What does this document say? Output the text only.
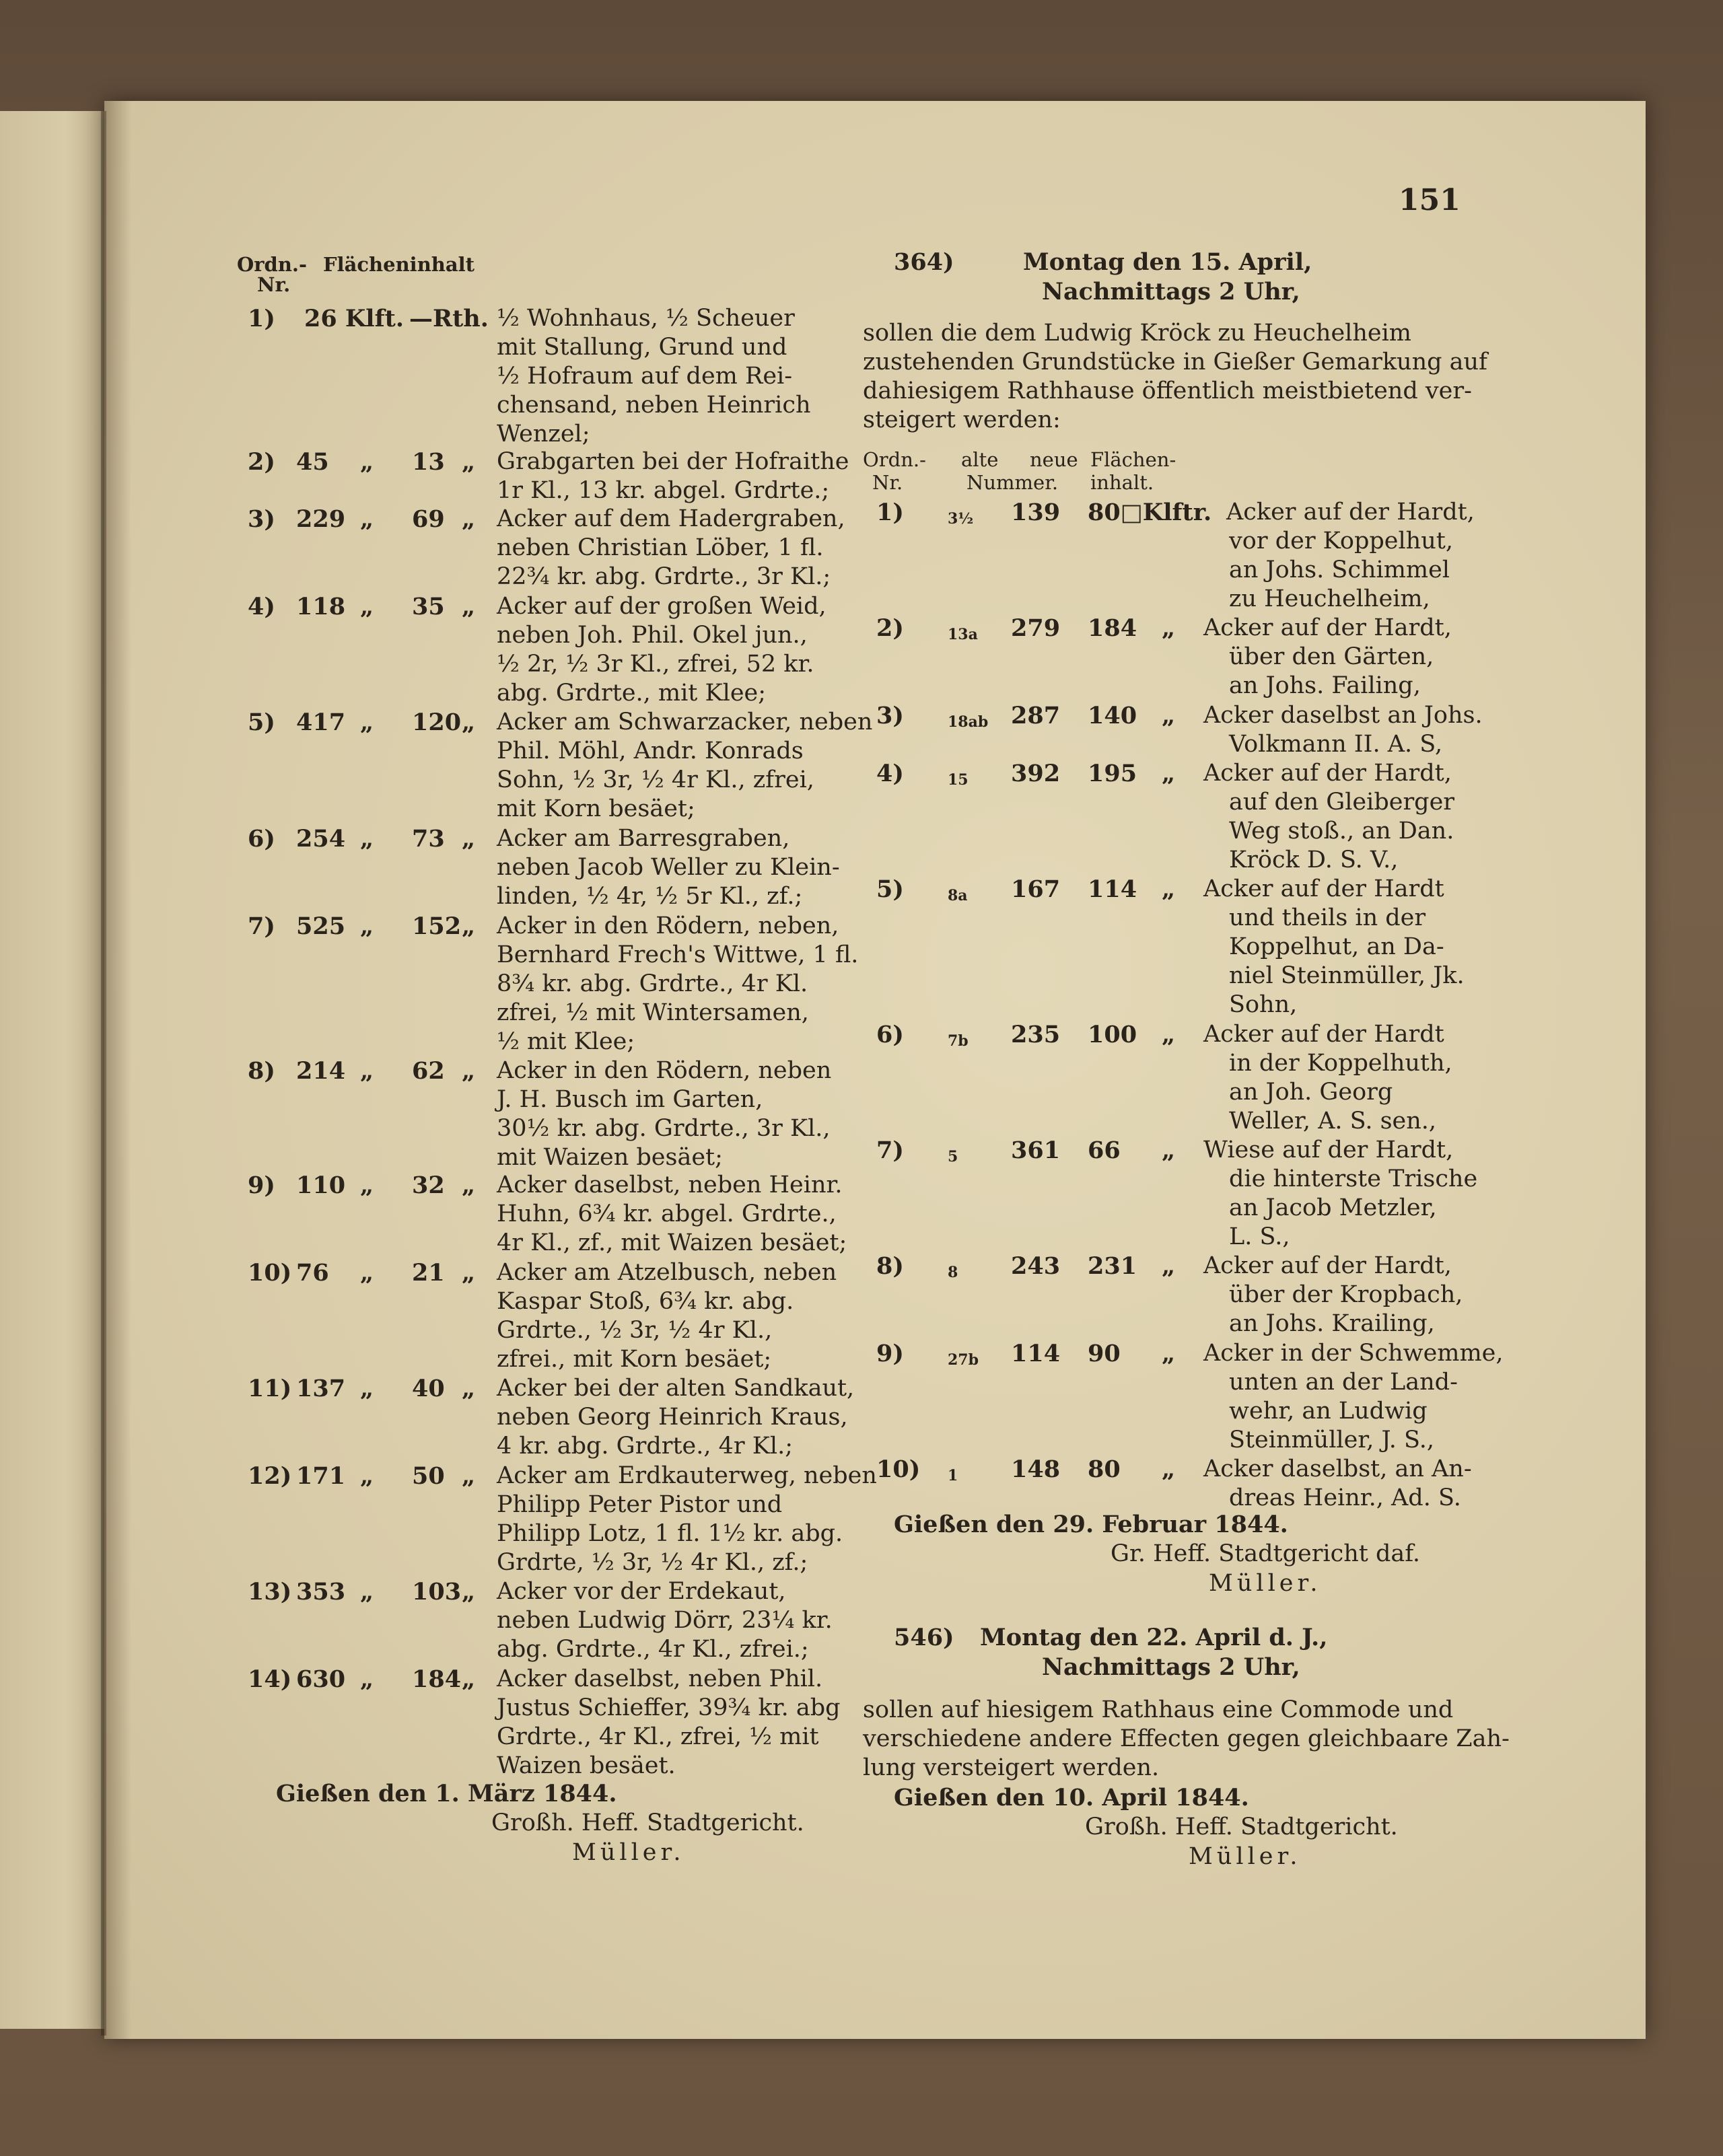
151
Ordn.- Flächeninhalt
Nr.
1) 26 Klft. —Rth. ½ Wohnhaus, ½ Scheuer
mit Stallung, Grund und
½ Hofraum auf dem Rei-
chensand, neben Heinrich
Wenzel;
2) 45 „ 13 „ Grabgarten bei der Hofraithe
1r Kl., 13 kr. abgel. Grdrte.;
3) 229 „ 69 „ Acker auf dem Hadergraben,
neben Christian Löber, 1 fl.
22¾ kr. abg. Grdrte., 3r Kl.;
4) 118 „ 35 „ Acker auf der großen Weid,
neben Joh. Phil. Okel jun.,
½ 2r, ½ 3r Kl., zfrei, 52 kr.
abg. Grdrte., mit Klee;
5) 417 „ 120 „ Acker am Schwarzacker, neben
Phil. Möhl, Andr. Konrads
Sohn, ½ 3r, ½ 4r Kl., zfrei,
mit Korn besäet;
6) 254 „ 73 „ Acker am Barresgraben,
neben Jacob Weller zu Klein-
linden, ½ 4r, ½ 5r Kl., zf.;
7) 525 „ 152 „ Acker in den Rödern, neben,
Bernhard Frech's Wittwe, 1 fl.
8¾ kr. abg. Grdrte., 4r Kl.
zfrei, ½ mit Wintersamen,
½ mit Klee;
8) 214 „ 62 „ Acker in den Rödern, neben
J. H. Busch im Garten,
30½ kr. abg. Grdrte., 3r Kl.,
mit Waizen besäet;
9) 110 „ 32 „ Acker daselbst, neben Heinr.
Huhn, 6¾ kr. abgel. Grdrte.,
4r Kl., zf., mit Waizen besäet;
10) 76 „ 21 „ Acker am Atzelbusch, neben
Kaspar Stoß, 6¾ kr. abg.
Grdrte., ½ 3r, ½ 4r Kl.,
zfrei., mit Korn besäet;
11) 137 „ 40 „ Acker bei der alten Sandkaut,
neben Georg Heinrich Kraus,
4 kr. abg. Grdrte., 4r Kl.;
12) 171 „ 50 „ Acker am Erdkauterweg, neben
Philipp Peter Pistor und
Philipp Lotz, 1 fl. 1½ kr. abg.
Grdrte, ½ 3r, ½ 4r Kl., zf.;
13) 353 „ 103 „ Acker vor der Erdekaut,
neben Ludwig Dörr, 23¼ kr.
abg. Grdrte., 4r Kl., zfrei.;
14) 630 „ 184 „ Acker daselbst, neben Phil.
Justus Schieffer, 39¾ kr. abg
Grdrte., 4r Kl., zfrei, ½ mit
Waizen besäet.
364)	Montag den 15. April,
Nachmittags 2 Uhr,
sollen die dem Ludwig Kröck zu Heuchelheim
zustehenden Grundstücke in Gießer Gemarkung auf
dahiesigem Rathhause öffentlich meistbietend ver-
steigert werden:
Ordn.-
Nr.
alte neue
Nummer.
Flächen-
inhalt.
1)	3½ 139 80□Klftr. Acker auf der Hardt,
vor der Koppelhut,
an Johs. Schimmel
zu Heuchelheim,
2)	13a 279 184 „ Acker auf der Hardt,
über den Gärten,
an Johs. Failing,
3)	18ab 287 140 „ Acker daselbst an Johs.
Volkmann II. A. S,
4)	15 392 195 „ Acker auf der Hardt,
auf den Gleiberger
Weg stoß., an Dan.
Kröck D. S. V.,
5)	8a 167 114 „ Acker auf der Hardt
und theils in der
Koppelhut, an Da-
niel Steinmüller, Jk.
Sohn,
6)	7b 235 100 „ Acker auf der Hardt
in der Koppelhuth,
an Joh. Georg
Weller, A. S. sen.,
7)	5 361 66 „ Wiese auf der Hardt,
die hinterste Trische
an Jacob Metzler,
L. S.,
8)	8 243 231 „ Acker auf der Hardt,
über der Kropbach,
an Johs. Krailing,
9)	27b 114 90 „ Acker in der Schwemme,
unten an der Land-
wehr, an Ludwig
Steinmüller, J. S.,
10) 1 148 80 „ Acker daselbst, an An-
dreas Heinr., Ad. S.
Gießen den 1. März 1844.
Großh. Heff. Stadtgericht.
Müller.
Gießen den 29. Februar 1844.
Gr. Heff. Stadtgericht daf.
Müller.
546) Montag den 22. April d. J.,
Nachmittags 2 Uhr,
sollen auf hiesigem Rathhaus eine Commode und
verschiedene andere Effecten gegen gleichbaare Zah-
lung versteigert werden.
Gießen den 10. April 1844.
Großh. Heff. Stadtgericht.
Müller.
